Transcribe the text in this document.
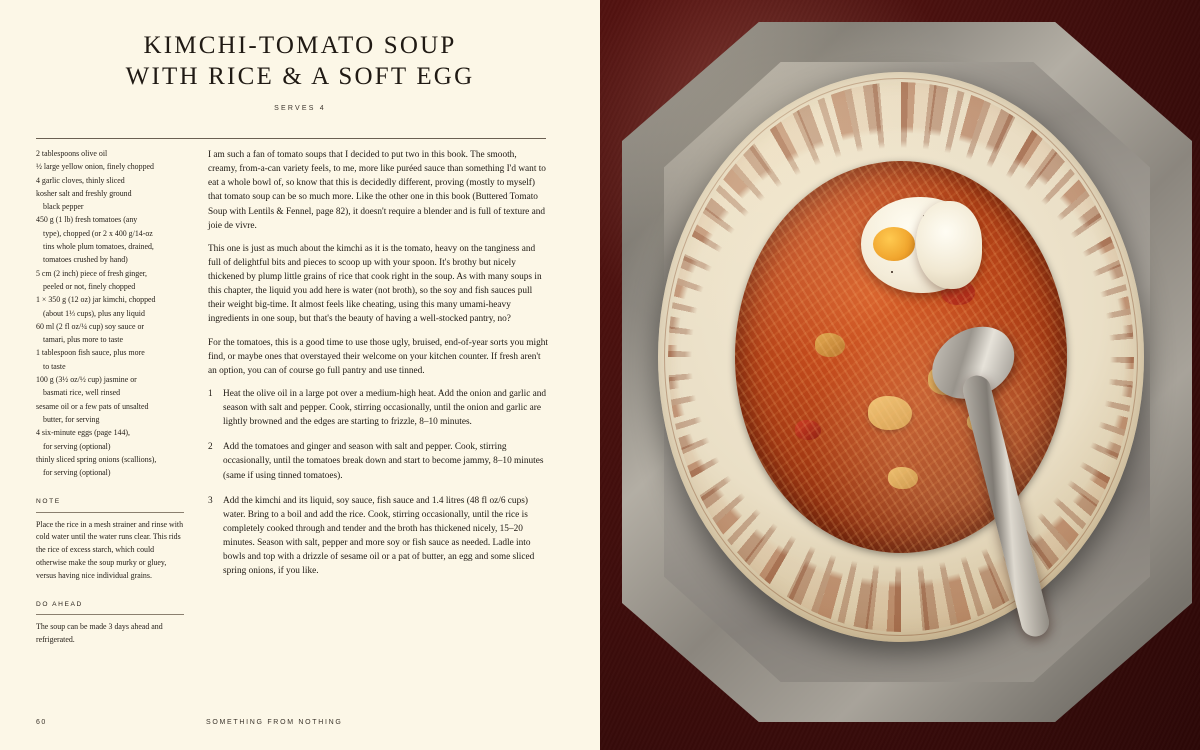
KIMCHI-TOMATO SOUP
WITH RICE & A SOFT EGG
SERVES 4
2 tablespoons olive oil
½ large yellow onion, finely chopped
4 garlic cloves, thinly sliced
kosher salt and freshly ground
black pepper
450 g (1 lb) fresh tomatoes (any
type), chopped (or 2 x 400 g/14-oz
tins whole plum tomatoes, drained,
tomatoes crushed by hand)
5 cm (2 inch) piece of fresh ginger,
peeled or not, finely chopped
1 × 350 g (12 oz) jar kimchi, chopped
(about 1⅓ cups), plus any liquid
60 ml (2 fl oz/¼ cup) soy sauce or
tamari, plus more to taste
1 tablespoon fish sauce, plus more
to taste
100 g (3½ oz/½ cup) jasmine or
basmati rice, well rinsed
sesame oil or a few pats of unsalted
butter, for serving
4 six-minute eggs (page 144),
for serving (optional)
thinly sliced spring onions (scallions),
for serving (optional)
NOTE
Place the rice in a mesh strainer and rinse with cold water until the water runs clear. This rids the rice of excess starch, which could otherwise make the soup murky or gluey, versus having nice individual grains.
DO AHEAD
The soup can be made 3 days ahead and refrigerated.

I am such a fan of tomato soups that I decided to put two in this book. The smooth, creamy, from-a-can variety feels, to me, more like puréed sauce than something I'd want to eat a whole bowl of, so know that this is decidedly different, proving (mostly to myself) that tomato soup can be so much more. Like the other one in this book (Buttered Tomato Soup with Lentils & Fennel, page 82), it doesn't require a blender and is full of texture and joie de vivre.

This one is just as much about the kimchi as it is the tomato, heavy on the tanginess and full of delightful bits and pieces to scoop up with your spoon. It's brothy but nicely thickened by plump little grains of rice that cook right in the soup. As with many soups in this chapter, the liquid you add here is water (not broth), so the soy and fish sauces pull their weight big-time. It almost feels like cheating, using this many umami-heavy ingredients in one soup, but that's the beauty of having a well-stocked pantry, no?

For the tomatoes, this is a good time to use those ugly, bruised, end-of-year sorts you might find, or maybe ones that overstayed their welcome on your kitchen counter. If fresh aren't an option, you can of course go full pantry and use tinned.

1	Heat the olive oil in a large pot over a medium-high heat. Add the onion and garlic and season with salt and pepper. Cook, stirring occasionally, until the onion and garlic are lightly browned and the edges are starting to frizzle, 8–10 minutes.
2	Add the tomatoes and ginger and season with salt and pepper. Cook, stirring occasionally, until the tomatoes break down and start to become jammy, 8–10 minutes (same if using tinned tomatoes).
3	Add the kimchi and its liquid, soy sauce, fish sauce and 1.4 litres (48 fl oz/6 cups) water. Bring to a boil and add the rice. Cook, stirring occasionally, until the rice is completely cooked through and tender and the broth has thickened nicely, 15–20 minutes. Season with salt, pepper and more soy or fish sauce as needed. Ladle into bowls and top with a drizzle of sesame oil or a pat of butter, an egg and some sliced spring onions, if you like.
60	SOMETHING FROM NOTHING
